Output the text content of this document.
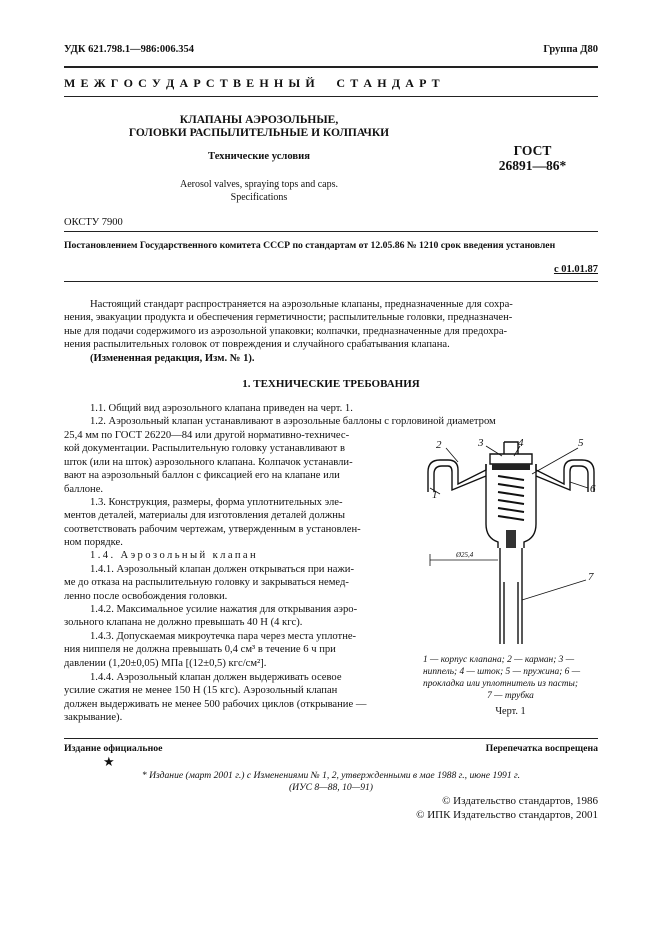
УДК 621.798.1—986:006.354	Группа Д80
М Е Ж Г О С У Д А Р С Т В Е Н Н Ы Й     С Т А Н Д А Р Т
КЛАПАНЫ АЭРОЗОЛЬНЫЕ,
ГОЛОВКИ РАСПЫЛИТЕЛЬНЫЕ И КОЛПАЧКИ
Технические условия
Aerosol valves, spraying tops and caps.
Specifications
ГОСТ
26891—86*
ОКСТУ 7900
Постановлением Государственного комитета СССР по стандартам от 12.05.86 № 1210 срок введения установлен
с 01.01.87
Настоящий стандарт распространяется на аэрозольные клапаны, предназначенные для сохра-
нения, эвакуации продукта и обеспечения герметичности; распылительные головки, предназначен-
ные для подачи содержимого из аэрозольной упаковки; колпачки, предназначенные для предохра-
нения распылительных головок от повреждения и случайного срабатывания клапана.
(Измененная редакция, Изм. № 1).
1. ТЕХНИЧЕСКИЕ ТРЕБОВАНИЯ
1.1. Общий вид аэрозольного клапана приведен на черт. 1.
1.2. Аэрозольный клапан устанавливают в аэрозольные баллоны с горловиной диаметром
25,4 мм по ГОСТ 26220—84 или другой нормативно-техничес-
кой документации. Распылительную головку устанавливают в
шток (или на шток) аэрозольного клапана. Колпачок устанавли-
вают на аэрозольный баллон с фиксацией его на клапане или
баллоне.
1.3. Конструкция, размеры, форма уплотнительных эле-
ментов деталей, материалы для изготовления деталей должны
соответствовать рабочим чертежам, утвержденным в установлен-
ном порядке.
1.4. Аэрозольный клапан
1.4.1. Аэрозольный клапан должен открываться при нажи-
ме до отказа на распылительную головку и закрываться немед-
ленно после освобождения головки.
1.4.2. Максимальное усилие нажатия для открывания аэро-
зольного клапана не должно превышать 40 Н (4 кгс).
1.4.3. Допускаемая микроутечка пара через места уплотне-
ния ниппеля не должна превышать 0,4 см³ в течение 6 ч при
давлении (1,20±0,05) МПа [(12±0,5) кгс/см²].
1.4.4. Аэрозольный клапан должен выдерживать осевое
усилие сжатия не менее 150 Н (15 кгс). Аэрозольный клапан
должен выдерживать не менее 500 рабочих циклов (открывание —
закрывание).
1
2	3	4	5
6
7
Ø25,4
1 — корпус клапана; 2 — карман; 3 —
ниппель; 4 — шток; 5 — пружина; 6 —
прокладка или уплотнитель из пасты;
7 — трубка
Черт. 1
Издание официальное	Перепечатка воспрещена
★
* Издание (март 2001 г.) с Изменениями № 1, 2, утвержденными в мае 1988 г., июне 1991 г.
(ИУС 8—88, 10—91)
© Издательство стандартов, 1986
© ИПК Издательство стандартов, 2001
